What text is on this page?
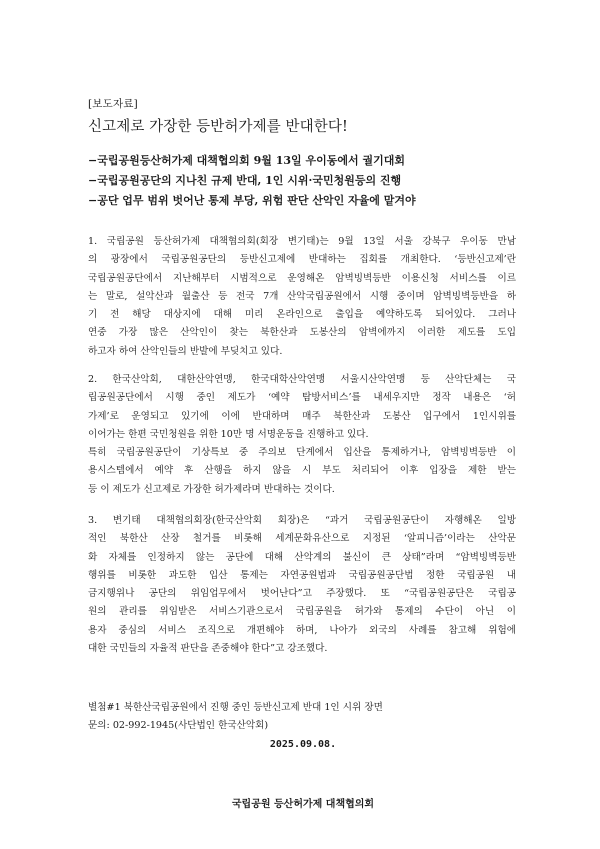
[보도자료]
신고제로 가장한 등반허가제를 반대한다!
−국립공원등산허가제 대책협의회 9월 13일 우이동에서 궐기대회
−국립공원공단의 지나친 규제 반대, 1인 시위·국민청원등의 진행
−공단 업무 범위 벗어난 통제 부당, 위험 판단 산악인 자율에 맡겨야

1. 국립공원 등산허가제 대책협의회(회장 변기태)는 9월 13일 서울 강북구 우이동 만남
의 광장에서 국립공원공단의 등반신고제에 반대하는 집회를 개최한다. ‘등반신고제’란
국립공원공단에서 지난해부터 시범적으로 운영해온 암벽빙벽등반 이용신청 서비스를 이르
는 말로, 설악산과 월출산 등 전국 7개 산악국립공원에서 시행 중이며 암벽빙벽등반을 하
기 전 해당 대상지에 대해 미리 온라인으로 출입을 예약하도록 되어있다. 그러나
연중 가장 많은 산악인이 찾는 북한산과 도봉산의 암벽에까지 이러한 제도를 도입
하고자 하여 산악인들의 반발에 부딪치고 있다.

2. 한국산악회, 대한산악연맹, 한국대학산악연맹 서울시산악연맹 등 산악단체는 국
립공원공단에서 시행 중인 제도가 ‘예약 탐방서비스’를 내세우지만 정작 내용은 ‘허
가제’로 운영되고 있기에 이에 반대하며 매주 북한산과 도봉산 입구에서 1인시위를
이어가는 한편 국민청원을 위한 10만 명 서명운동을 진행하고 있다.
특히 국립공원공단이 기상특보 중 주의보 단계에서 입산을 통제하거나, 암벽빙벽등반 이
용시스템에서 예약 후 산행을 하지 않을 시 부도 처리되어 이후 입장을 제한 받는
등 이 제도가 신고제로 가장한 허가제라며 반대하는 것이다.

3. 변기태 대책협의회장(한국산악회 회장)은 “과거 국립공원공단이 자행해온 일방
적인 북한산 산장 철거를 비롯해 세계문화유산으로 지정된 ‘알피니즘’이라는 산악문
화 자체를 인정하지 않는 공단에 대해 산악계의 불신이 큰 상태”라며 “암벽빙벽등반
행위를 비롯한 과도한 입산 통제는 자연공원법과 국립공원공단법 정한 국립공원 내
금지행위나 공단의 위임업무에서 벗어난다”고 주장했다. 또 “국립공원공단은 국립공
원의 관리를 위임받은 서비스기관으로서 국립공원을 허가와 통제의 수단이 아닌 이
용자 중심의 서비스 조직으로 개편해야 하며, 나아가 외국의 사례를 참고해 위험에
대한 국민들의 자율적 판단을 존중해야 한다”고 강조했다.

별첨#1 북한산국립공원에서 진행 중인 등반신고제 반대 1인 시위 장면
문의: 02-992-1945(사단법인 한국산악회)
2025.09.08.
국립공원 등산허가제 대책협의회
